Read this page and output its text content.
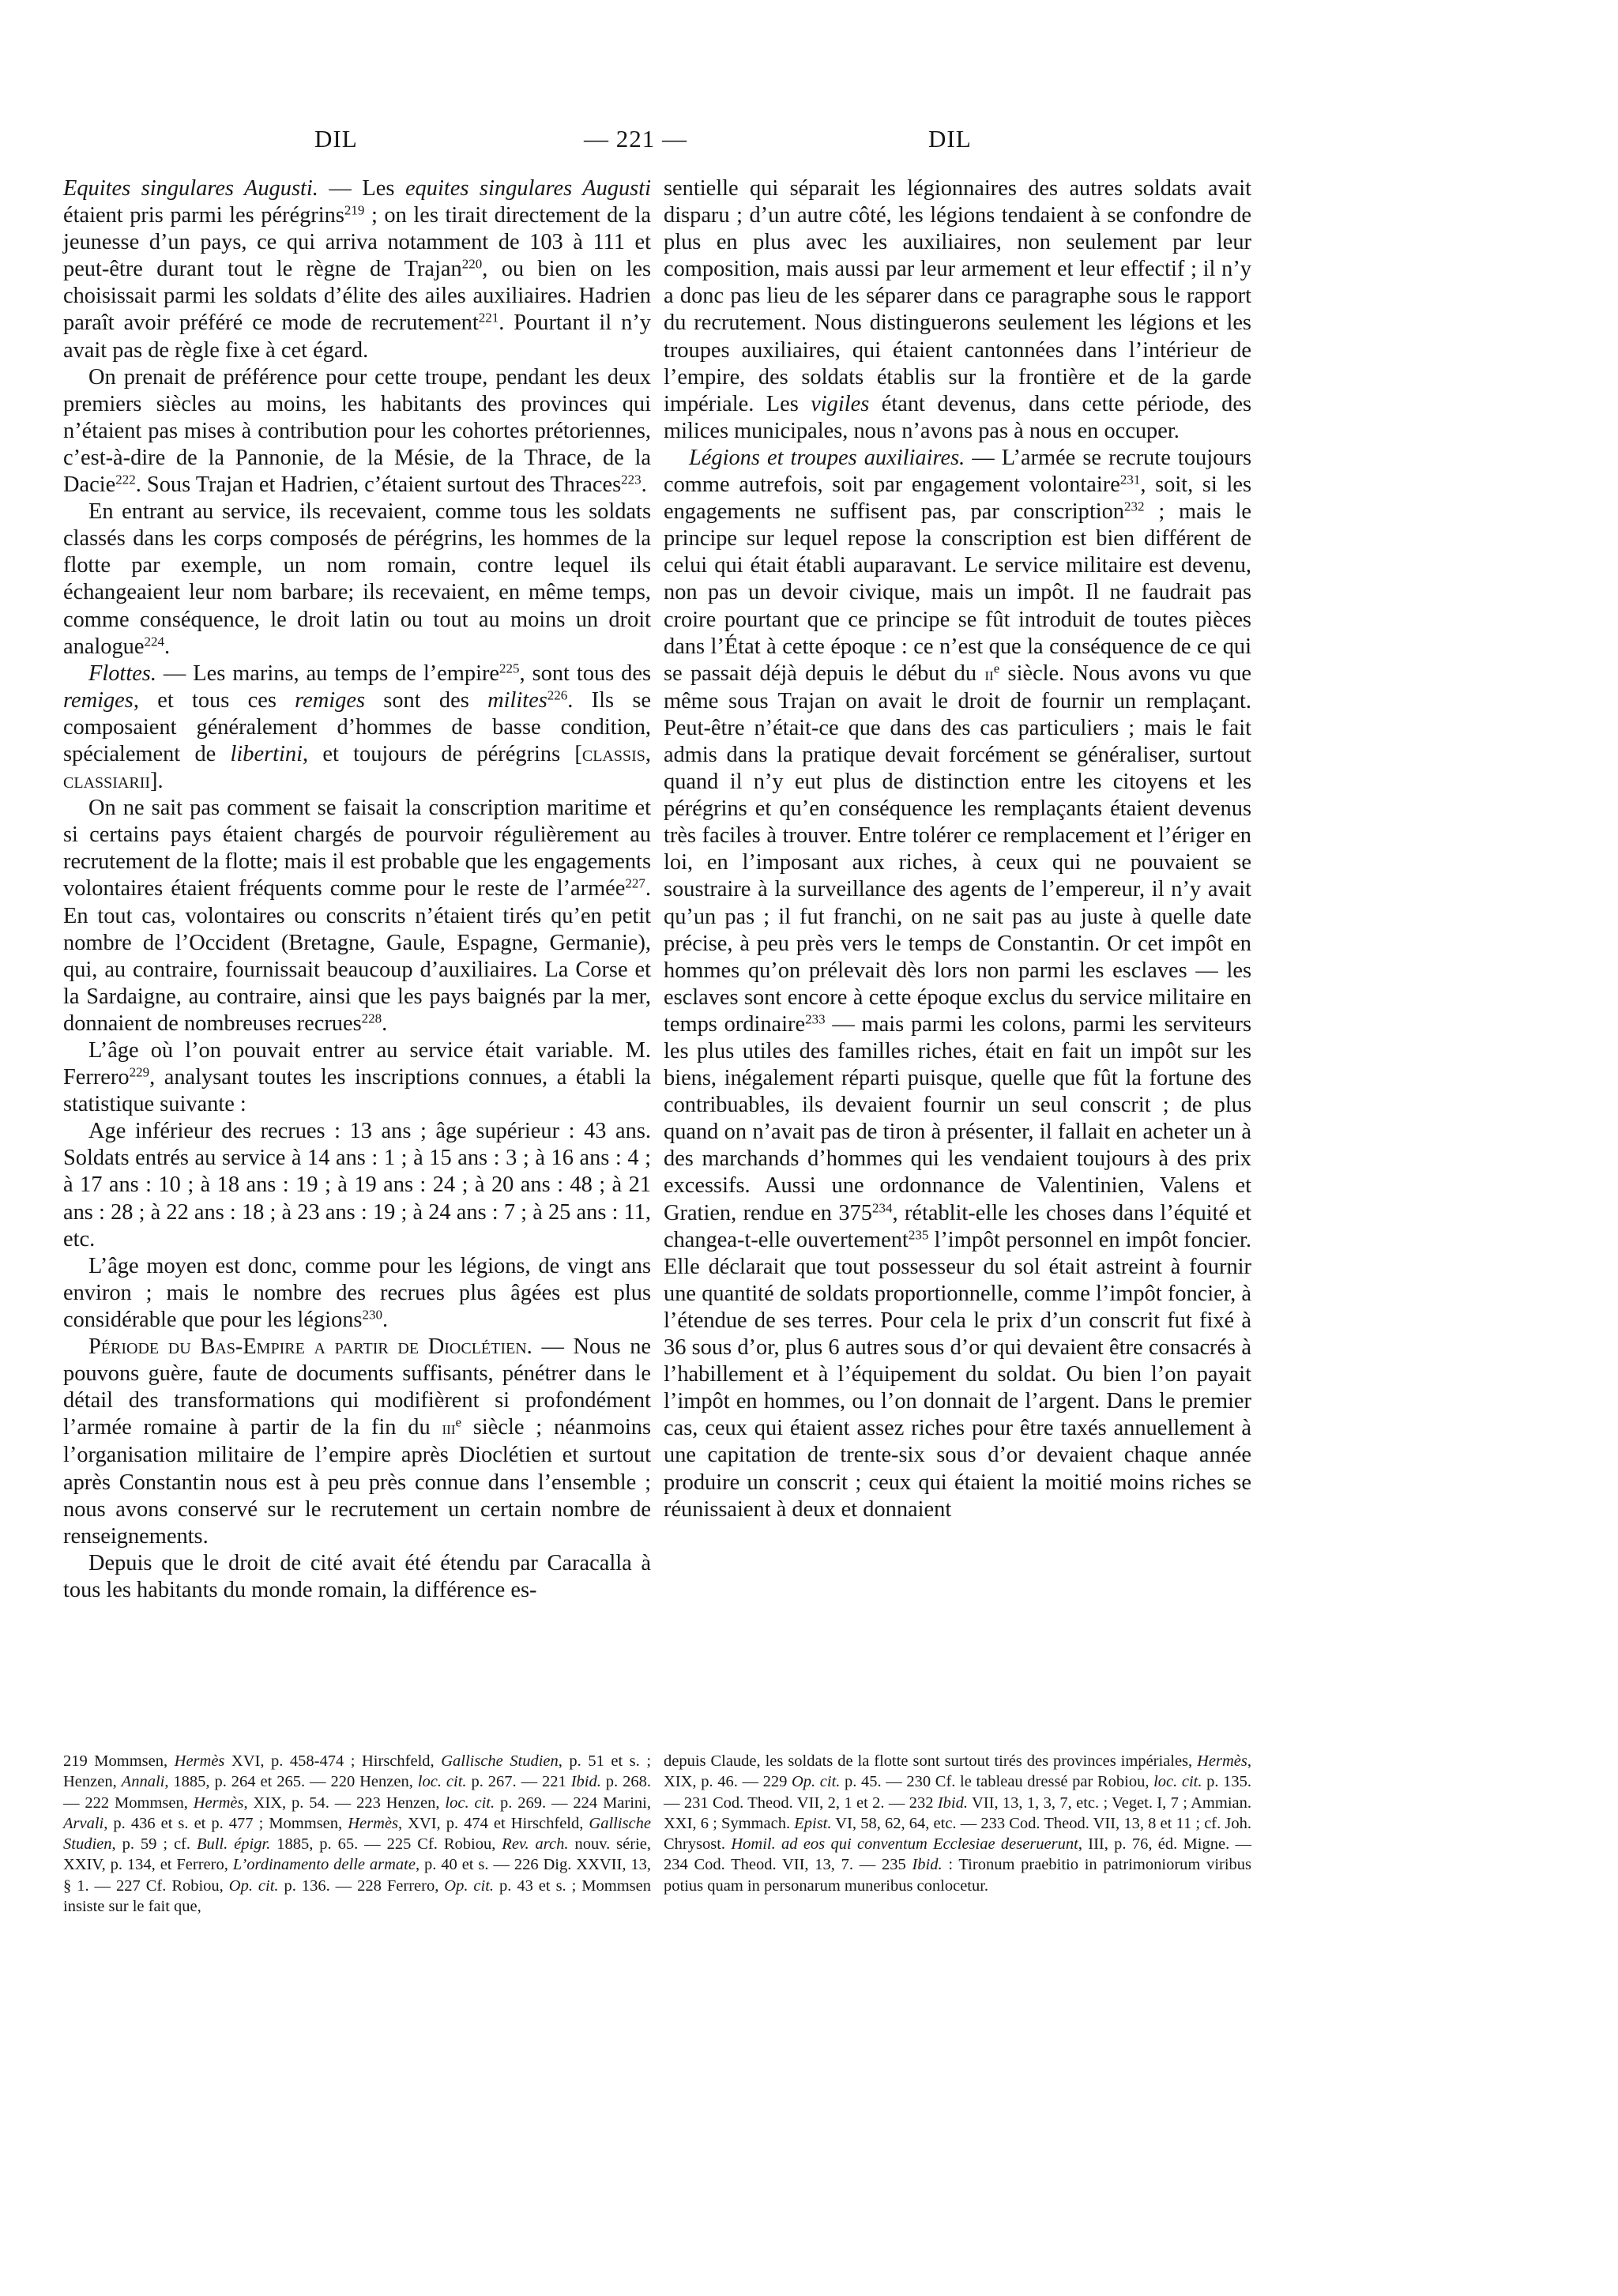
DIL	— 221 —	DIL

Equites singulares Augusti. — Les equites singulares Augusti étaient pris parmi les pérégrins$^{219}$ ; on les tirait directement de la jeunesse d’un pays, ce qui arriva notamment de 103 à 111 et peut-être durant tout le règne de Trajan$^{220}$, ou bien on les choisissait parmi les soldats d’élite des ailes auxiliaires. Hadrien paraît avoir préféré ce mode de recrutement$^{221}$. Pourtant il n’y avait pas de règle fixe à cet égard.

On prenait de préférence pour cette troupe, pendant les deux premiers siècles au moins, les habitants des provinces qui n’étaient pas mises à contribution pour les cohortes prétoriennes, c’est-à-dire de la Pannonie, de la Mésie, de la Thrace, de la Dacie$^{222}$. Sous Trajan et Hadrien, c’étaient surtout des Thraces$^{223}$.

En entrant au service, ils recevaient, comme tous les soldats classés dans les corps composés de pérégrins, les hommes de la flotte par exemple, un nom romain, contre lequel ils échangeaient leur nom barbare; ils recevaient, en même temps, comme conséquence, le droit latin ou tout au moins un droit analogue$^{224}$.

Flottes. — Les marins, au temps de l’empire$^{225}$, sont tous des remiges, et tous ces remiges sont des milites$^{226}$. Ils se composaient généralement d’hommes de basse condition, spécialement de libertini, et toujours de pérégrins [classis, classiarii].

On ne sait pas comment se faisait la conscription maritime et si certains pays étaient chargés de pourvoir régulièrement au recrutement de la flotte; mais il est probable que les engagements volontaires étaient fréquents comme pour le reste de l’armée$^{227}$. En tout cas, volontaires ou conscrits n’étaient tirés qu’en petit nombre de l’Occident (Bretagne, Gaule, Espagne, Germanie), qui, au contraire, fournissait beaucoup d’auxiliaires. La Corse et la Sardaigne, au contraire, ainsi que les pays baignés par la mer, donnaient de nombreuses recrues$^{228}$.

L’âge où l’on pouvait entrer au service était variable. M. Ferrero$^{229}$, analysant toutes les inscriptions connues, a établi la statistique suivante :

Age inférieur des recrues : 13 ans ; âge supérieur : 43 ans. Soldats entrés au service à 14 ans : 1 ; à 15 ans : 3 ; à 16 ans : 4 ; à 17 ans : 10 ; à 18 ans : 19 ; à 19 ans : 24 ; à 20 ans : 48 ; à 21 ans : 28 ; à 22 ans : 18 ; à 23 ans : 19 ; à 24 ans : 7 ; à 25 ans : 11, etc.

L’âge moyen est donc, comme pour les légions, de vingt ans environ ; mais le nombre des recrues plus âgées est plus considérable que pour les légions$^{230}$.

Période du Bas-Empire a partir de Dioclétien. — Nous ne pouvons guère, faute de documents suffisants, pénétrer dans le détail des transformations qui modifièrent si profondément l’armée romaine à partir de la fin du iii$^e$ siècle ; néanmoins l’organisation militaire de l’empire après Dioclétien et surtout après Constantin nous est à peu près connue dans l’ensemble ; nous avons conservé sur le recrutement un certain nombre de renseignements.

Depuis que le droit de cité avait été étendu par Caracalla à tous les habitants du monde romain, la différence es-

sentielle qui séparait les légionnaires des autres soldats avait disparu ; d’un autre côté, les légions tendaient à se confondre de plus en plus avec les auxiliaires, non seulement par leur composition, mais aussi par leur armement et leur effectif ; il n’y a donc pas lieu de les séparer dans ce paragraphe sous le rapport du recrutement. Nous distinguerons seulement les légions et les troupes auxiliaires, qui étaient cantonnées dans l’intérieur de l’empire, des soldats établis sur la frontière et de la garde impériale. Les vigiles étant devenus, dans cette période, des milices municipales, nous n’avons pas à nous en occuper.

Légions et troupes auxiliaires. — L’armée se recrute toujours comme autrefois, soit par engagement volontaire$^{231}$, soit, si les engagements ne suffisent pas, par conscription$^{232}$ ; mais le principe sur lequel repose la conscription est bien différent de celui qui était établi auparavant. Le service militaire est devenu, non pas un devoir civique, mais un impôt. Il ne faudrait pas croire pourtant que ce principe se fût introduit de toutes pièces dans l’État à cette époque : ce n’est que la conséquence de ce qui se passait déjà depuis le début du $ii^e$ siècle. Nous avons vu que même sous Trajan on avait le droit de fournir un remplaçant. Peut-être n’était-ce que dans des cas particuliers ; mais le fait admis dans la pratique devait forcément se généraliser, surtout quand il n’y eut plus de distinction entre les citoyens et les pérégrins et qu’en conséquence les remplaçants étaient devenus très faciles à trouver. Entre tolérer ce remplacement et l’ériger en loi, en l’imposant aux riches, à ceux qui ne pouvaient se soustraire à la surveillance des agents de l’empereur, il n’y avait qu’un pas ; il fut franchi, on ne sait pas au juste à quelle date précise, à peu près vers le temps de Constantin. Or cet impôt en hommes qu’on prélevait dès lors non parmi les esclaves — les esclaves sont encore à cette époque exclus du service militaire en temps ordinaire$^{233}$ — mais parmi les colons, parmi les serviteurs les plus utiles des familles riches, était en fait un impôt sur les biens, inégalement réparti puisque, quelle que fût la fortune des contribuables, ils devaient fournir un seul conscrit ; de plus quand on n’avait pas de tiron à présenter, il fallait en acheter un à des marchands d’hommes qui les vendaient toujours à des prix excessifs. Aussi une ordonnance de Valentinien, Valens et Gratien, rendue en $375^{234}$, rétablit-elle les choses dans l’équité et changea-t-elle ouvertement$^{235}$ l’impôt personnel en impôt foncier. Elle déclarait que tout possesseur du sol était astreint à fournir une quantité de soldats proportionnelle, comme l’impôt foncier, à l’étendue de ses terres. Pour cela le prix d’un conscrit fut fixé à 36 sous d’or, plus 6 autres sous d’or qui devaient être consacrés à l’habillement et à l’équipement du soldat. Ou bien l’on payait l’impôt en hommes, ou l’on donnait de l’argent. Dans le premier cas, ceux qui étaient assez riches pour être taxés annuellement à une capitation de trente-six sous d’or devaient chaque année produire un conscrit ; ceux qui étaient la moitié moins riches se réunissaient à deux et donnaient

219 Mommsen, Hermès XVI, p. 458-474 ; Hirschfeld, Gallische Studien, p. 51 et s. ; Henzen, Annali, 1885, p. 264 et 265. — 220 Henzen, loc. cit. p. 267. — 221 Ibid. p. 268. — 222 Mommsen, Hermès, XIX, p. 54. — 223 Henzen, loc. cit. p. 269. — 224 Marini, Arvali, p. 436 et s. et p. 477 ; Mommsen, Hermès, XVI, p. 474 et Hirschfeld, Gallische Studien, p. 59 ; cf. Bull. épigr. 1885, p. 65. — 225 Cf. Robiou, Rev. arch. nouv. série, XXIV, p. 134, et Ferrero, L’ordinamento delle armate, p. 40 et s. — 226 Dig. XXVII, 13, § 1. — 227 Cf. Robiou, Op. cit. p. 136. — 228 Ferrero, Op. cit. p. 43 et s. ; Mommsen insiste sur le fait que,

depuis Claude, les soldats de la flotte sont surtout tirés des provinces impériales, Hermès, XIX, p. 46. — 229 Op. cit. p. 45. — 230 Cf. le tableau dressé par Robiou, loc. cit. p. 135. — 231 Cod. Theod. VII, 2, 1 et 2. — 232 Ibid. VII, 13, 1, 3, 7, etc. ; Veget. I, 7 ; Ammian. XXI, 6 ; Symmach. Epist. VI, 58, 62, 64, etc. — 233 Cod. Theod. VII, 13, 8 et 11 ; cf. Joh. Chrysost. Homil. ad eos qui conventum Ecclesiae deseruerunt, III, p. 76, éd. Migne. — 234 Cod. Theod. VII, 13, 7. — 235 Ibid. : Tironum praebitio in patrimoniorum viribus potius quam in personarum muneribus conlocetur.
